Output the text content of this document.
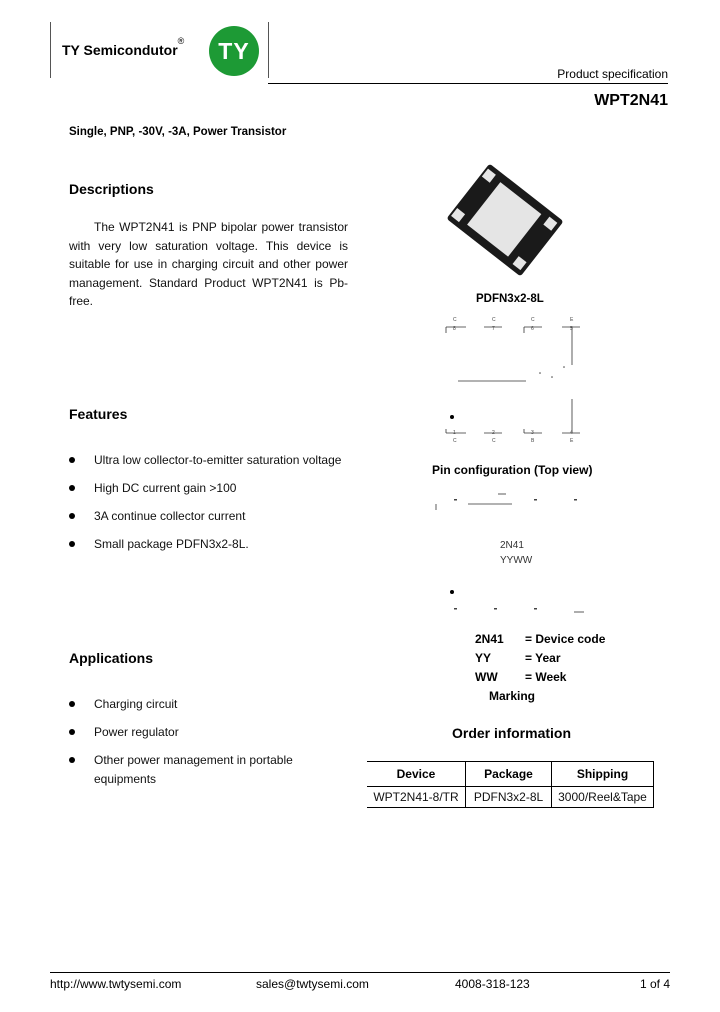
TY Semicondutor®	TY
Product specification
WPT2N41
Single, PNP, -30V, -3A, Power Transistor
Descriptions
The WPT2N41 is PNP bipolar power transistor with very low saturation voltage. This device is suitable for use in charging circuit and other power management. Standard Product WPT2N41 is Pb-free.	PDFN3x2-8L
C	C	C	E
8	7	6	5
1	2	3	4
C	C	B	E
Pin configuration (Top view)
2N41
YYWW
2N41 = Device code
YY	= Year
WW = Week
Marking
Features
Ultra low collector-to-emitter saturation voltage
High DC current gain >100
3A continue collector current
Small package PDFN3x2-8L.
Applications
Charging circuit
Power regulator
Other power management in portable
equipments
Order information
Device	Package	Shipping
WPT2N41-8/TR	PDFN3x2-8L	3000/Reel&Tape
http://www.twtysemi.com	sales@twtysemi.com	4008-318-123	1 of 4
